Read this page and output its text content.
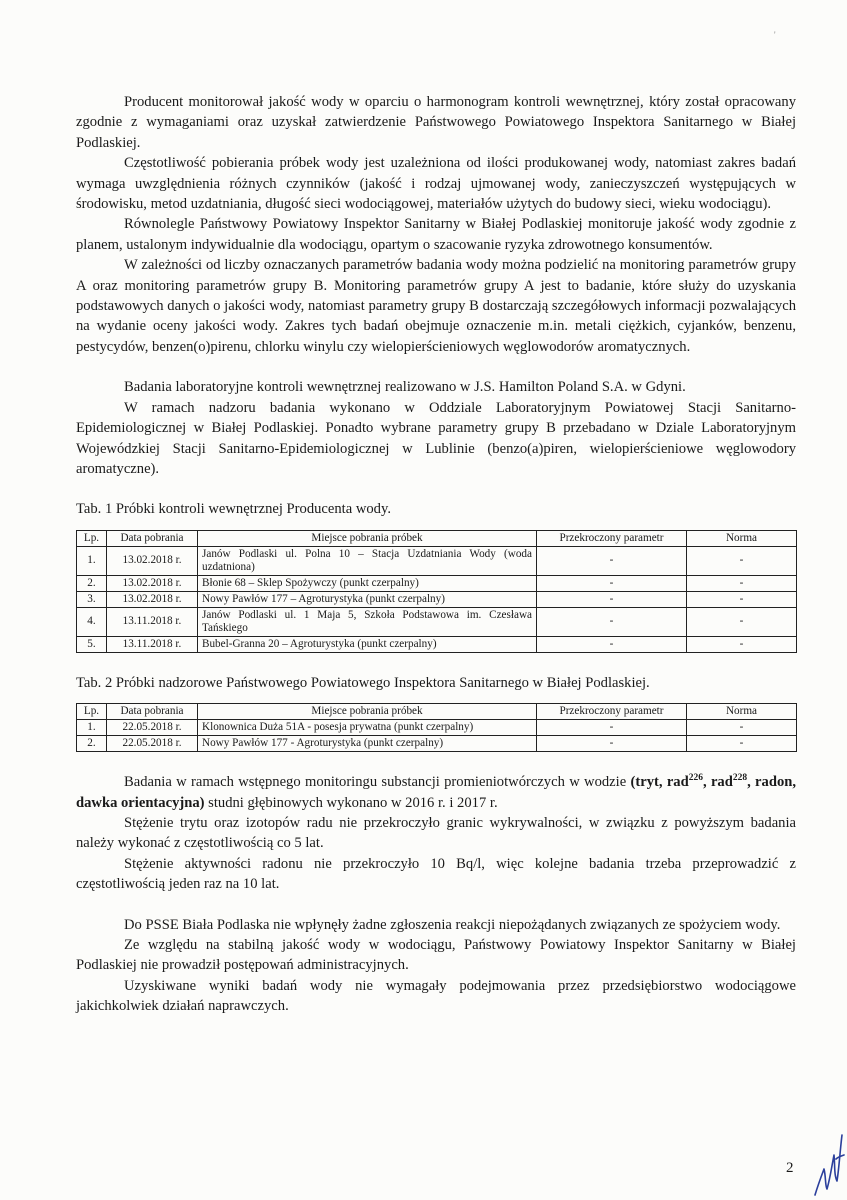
'

Producent monitorował jakość wody w oparciu o harmonogram kontroli wewnętrznej, który został opracowany zgodnie z wymaganiami oraz uzyskał zatwierdzenie Państwowego Powiatowego Inspektora Sanitarnego w Białej Podlaskiej.

Częstotliwość pobierania próbek wody jest uzależniona od ilości produkowanej wody, natomiast zakres badań wymaga uwzględnienia różnych czynników (jakość i rodzaj ujmowanej wody, zanieczyszczeń występujących w środowisku, metod uzdatniania, długość sieci wodociągowej, materiałów użytych do budowy sieci, wieku wodociągu).

Równolegle Państwowy Powiatowy Inspektor Sanitarny w Białej Podlaskiej monitoruje jakość wody zgodnie z planem, ustalonym indywidualnie dla wodociągu, opartym o szacowanie ryzyka zdrowotnego konsumentów.

W zależności od liczby oznaczanych parametrów badania wody można podzielić na monitoring parametrów grupy A oraz monitoring parametrów grupy B. Monitoring parametrów grupy A jest to badanie, które służy do uzyskania podstawowych danych o jakości wody, natomiast parametry grupy B dostarczają szczegółowych informacji pozwalających na wydanie oceny jakości wody. Zakres tych badań obejmuje oznaczenie m.in. metali ciężkich, cyjanków, benzenu, pestycydów, benzen(o)pirenu, chlorku winylu czy wielopierścieniowych węglowodorów aromatycznych.

Badania laboratoryjne kontroli wewnętrznej realizowano w J.S. Hamilton Poland S.A. w Gdyni.

W ramach nadzoru badania wykonano w Oddziale Laboratoryjnym Powiatowej Stacji Sanitarno-Epidemiologicznej w Białej Podlaskiej. Ponadto wybrane parametry grupy B przebadano w Dziale Laboratoryjnym Wojewódzkiej Stacji Sanitarno-Epidemiologicznej w Lublinie (benzo(a)piren, wielopierścieniowe węglowodory aromatyczne).

Tab. 1 Próbki kontroli wewnętrznej Producenta wody.

Lp.	Data pobrania	Miejsce pobrania próbek	Przekroczony parametr	Norma
1.	13.02.2018 r.	Janów Podlaski ul. Polna 10 – Stacja Uzdatniania Wody (woda uzdatniona)	-	-
2.	13.02.2018 r.	Błonie 68 – Sklep Spożywczy (punkt czerpalny)	-	-
3.	13.02.2018 r.	Nowy Pawłów 177 – Agroturystyka (punkt czerpalny)	-	-
4.	13.11.2018 r.	Janów Podlaski ul. 1 Maja 5, Szkoła Podstawowa im. Czesława Tańskiego	-	-
5.	13.11.2018 r.	Bubel-Granna 20 – Agroturystyka (punkt czerpalny)	-	-

Tab. 2 Próbki nadzorowe Państwowego Powiatowego Inspektora Sanitarnego w Białej Podlaskiej.

Lp.	Data pobrania	Miejsce pobrania próbek	Przekroczony parametr	Norma
1.	22.05.2018 r.	Klonownica Duża 51A - posesja prywatna (punkt czerpalny)	-	-
2.	22.05.2018 r.	Nowy Pawłów 177 - Agroturystyka (punkt czerpalny)	-	-

Badania w ramach wstępnego monitoringu substancji promieniotwórczych w wodzie (tryt, rad$^{226}$, rad$^{228}$, radon, dawka orientacyjna) studni głębinowych wykonano w 2016 r. i 2017 r.

Stężenie trytu oraz izotopów radu nie przekroczyło granic wykrywalności, w związku z powyższym badania należy wykonać z częstotliwością co 5 lat.

Stężenie aktywności radonu nie przekroczyło 10 Bq/l, więc kolejne badania trzeba przeprowadzić z częstotliwością jeden raz na 10 lat.

Do PSSE Biała Podlaska nie wpłynęły żadne zgłoszenia reakcji niepożądanych związanych ze spożyciem wody.

Ze względu na stabilną jakość wody w wodociągu, Państwowy Powiatowy Inspektor Sanitarny w Białej Podlaskiej nie prowadził postępowań administracyjnych.

Uzyskiwane wyniki badań wody nie wymagały podejmowania przez przedsiębiorstwo wodociągowe jakichkolwiek działań naprawczych.

2
